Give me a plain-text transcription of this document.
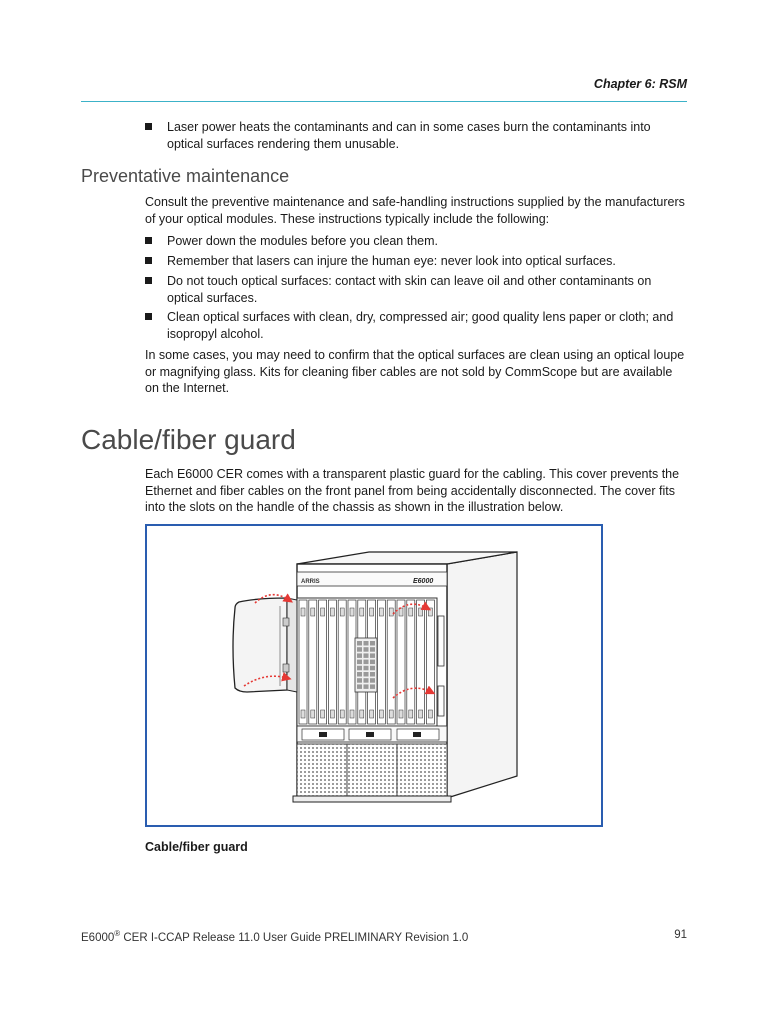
Chapter 6: RSM
Laser power heats the contaminants and can in some cases burn the contaminants into optical surfaces rendering them unusable.
Preventative maintenance
Consult the preventive maintenance and safe-handling instructions supplied by the manufacturers of your optical modules. These instructions typically include the following:
Power down the modules before you clean them.
Remember that lasers can injure the human eye: never look into optical surfaces.
Do not touch optical surfaces: contact with skin can leave oil and other contaminants on optical surfaces.
Clean optical surfaces with clean, dry, compressed air; good quality lens paper or cloth; and isopropyl alcohol.
In some cases, you may need to confirm that the optical surfaces are clean using an optical loupe or magnifying glass. Kits for cleaning fiber cables are not sold by CommScope but are available on the Internet.
Cable/fiber guard
Each E6000 CER comes with a transparent plastic guard for the cabling. This cover prevents the Ethernet and fiber cables on the front panel from being accidentally disconnected. The cover fits into the slots on the handle of the chassis as shown in the illustration below.
ARRIS	E6000
Cable/fiber guard
E6000® CER I-CCAP Release 11.0 User Guide PRELIMINARY Revision 1.0	91
